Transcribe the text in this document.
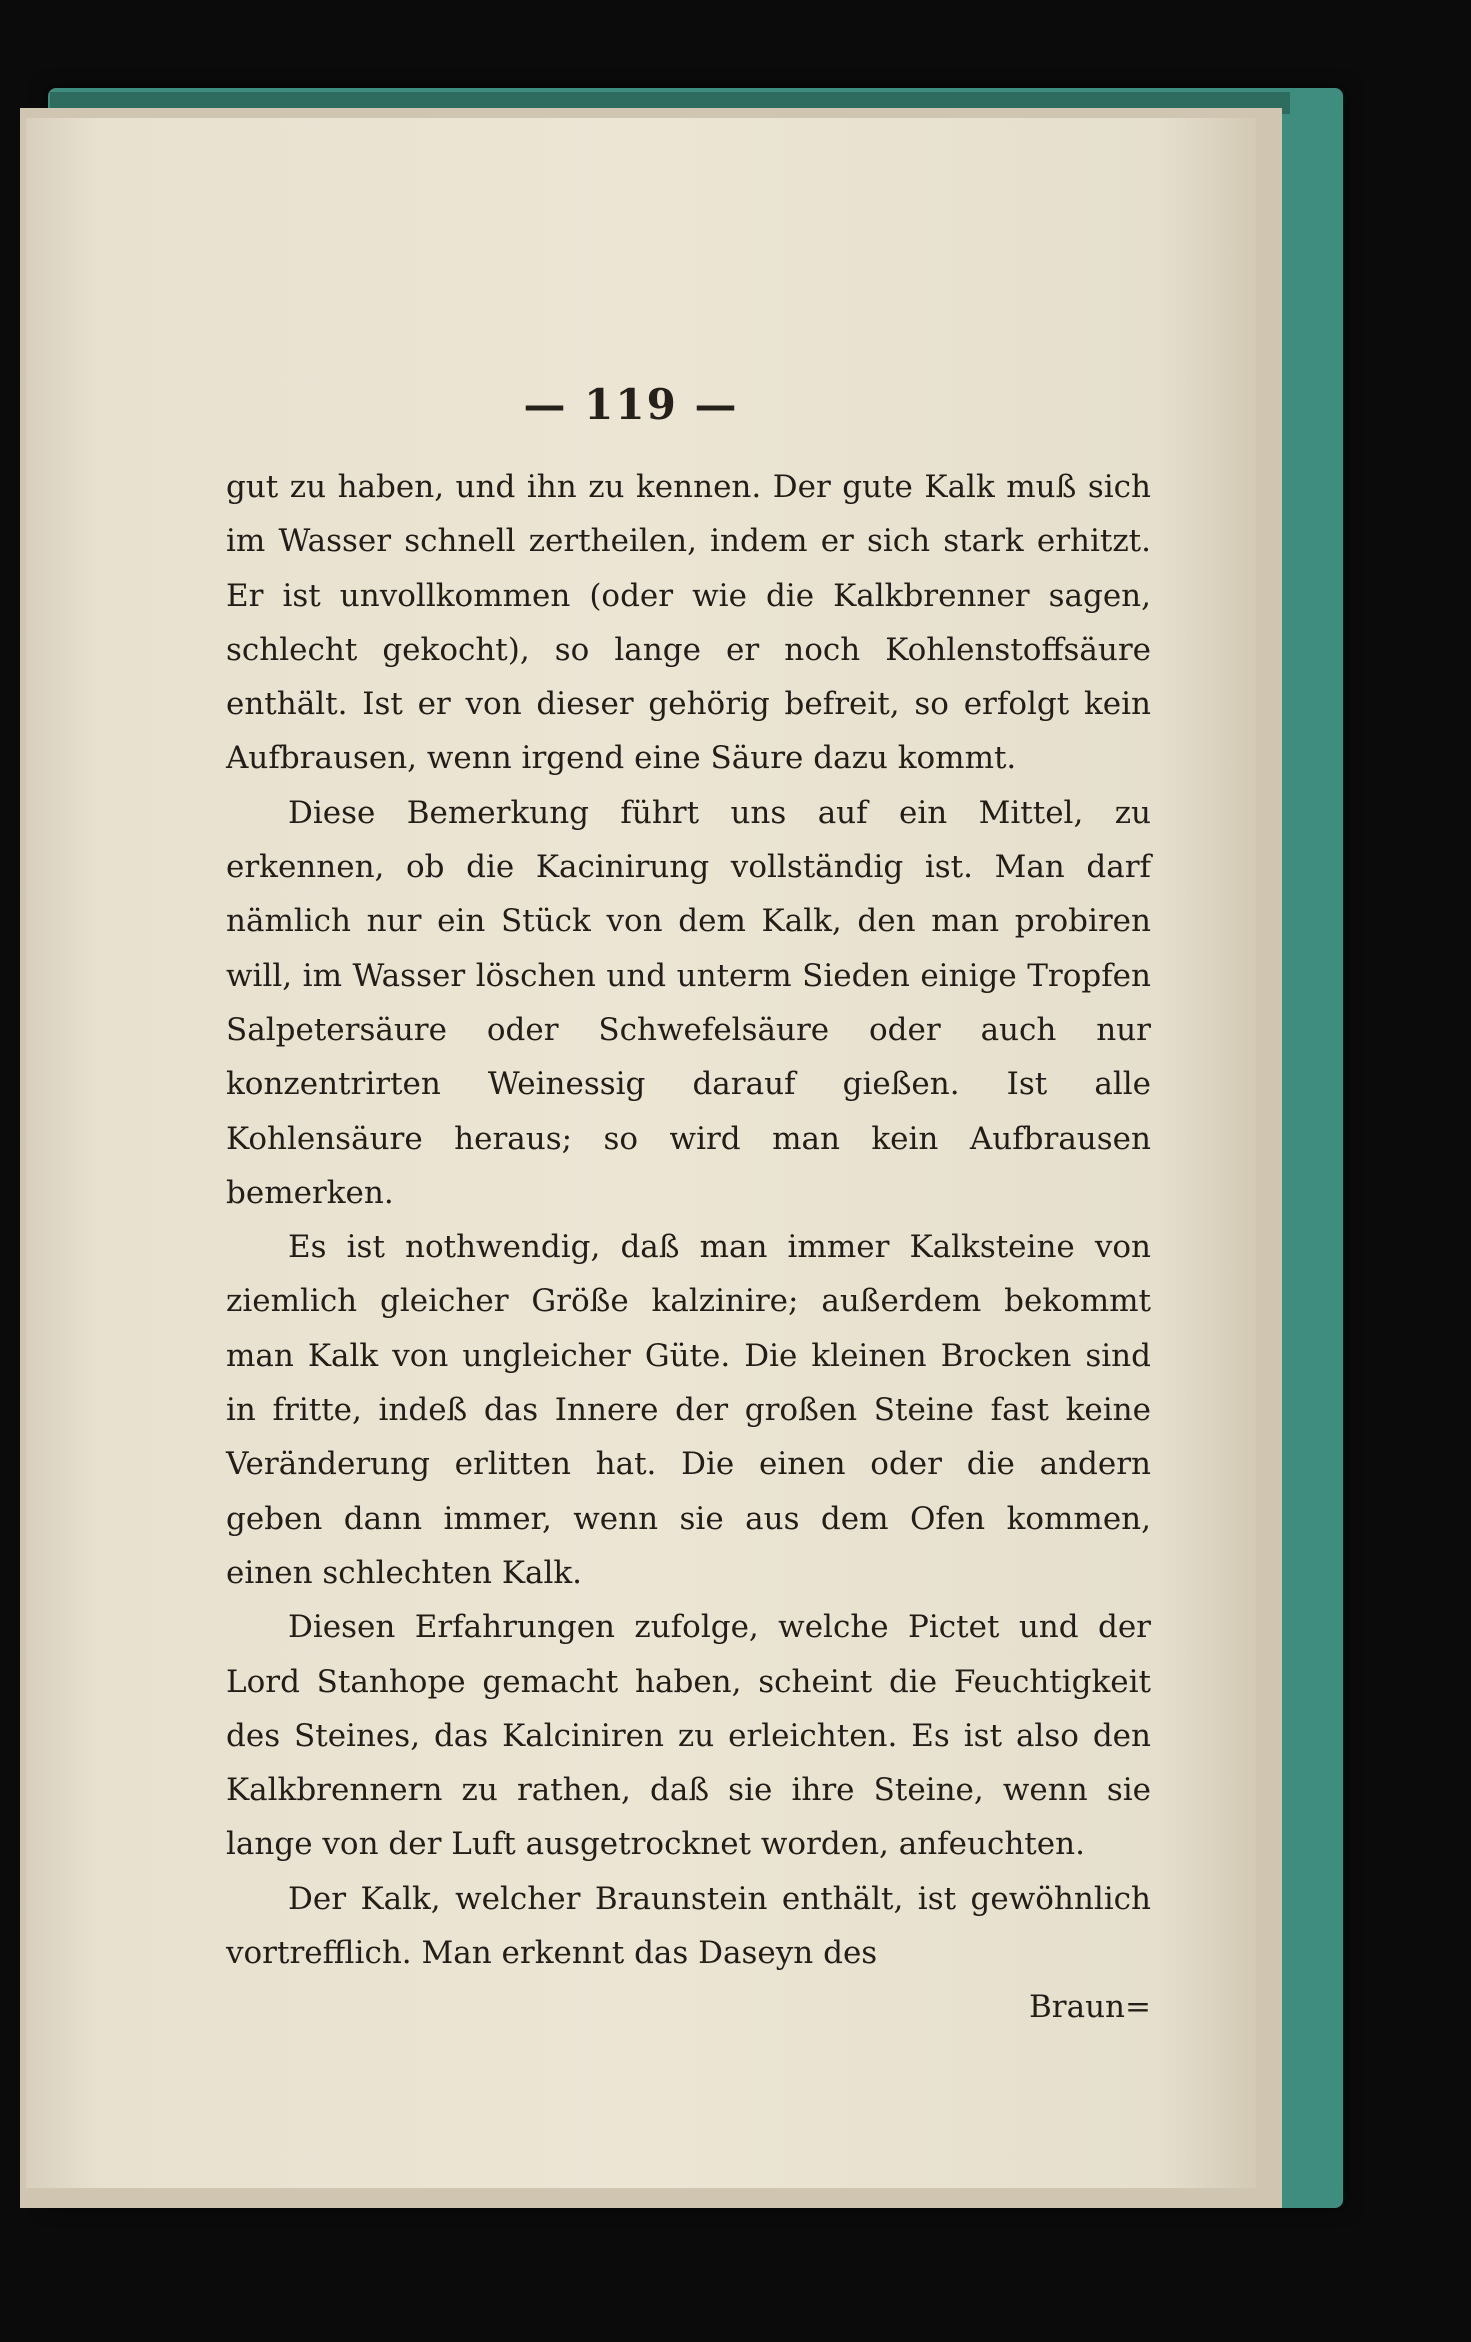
— 119 —

gut zu haben, und ihn zu kennen. Der gute Kalk muß sich im Wasser schnell zertheilen, indem er sich stark erhitzt. Er ist unvollkommen (oder wie die Kalkbrenner sagen, schlecht gekocht), so lange er noch Kohlenstoffsäure enthält. Ist er von dieser gehörig befreit, so erfolgt kein Aufbrausen, wenn irgend eine Säure dazu kommt.

Diese Bemerkung führt uns auf ein Mittel, zu erkennen, ob die Kacinirung vollständig ist. Man darf nämlich nur ein Stück von dem Kalk, den man probiren will, im Wasser löschen und unterm Sieden einige Tropfen Salpetersäure oder Schwefelsäure oder auch nur konzentrirten Weinessig darauf gießen. Ist alle Kohlensäure heraus; so wird man kein Aufbrausen bemerken.

Es ist nothwendig, daß man immer Kalksteine von ziemlich gleicher Größe kalzinire; außerdem bekommt man Kalk von ungleicher Güte. Die kleinen Brocken sind in fritte, indeß das Innere der großen Steine fast keine Veränderung erlitten hat. Die einen oder die andern geben dann immer, wenn sie aus dem Ofen kommen, einen schlechten Kalk.

Diesen Erfahrungen zufolge, welche Pictet und der Lord Stanhope gemacht haben, scheint die Feuchtigkeit des Steines, das Kalciniren zu erleichten. Es ist also den Kalkbrennern zu rathen, daß sie ihre Steine, wenn sie lange von der Luft ausgetrocknet worden, anfeuchten.

Der Kalk, welcher Braunstein enthält, ist gewöhnlich vortrefflich. Man erkennt das Daseyn des

Braun=
